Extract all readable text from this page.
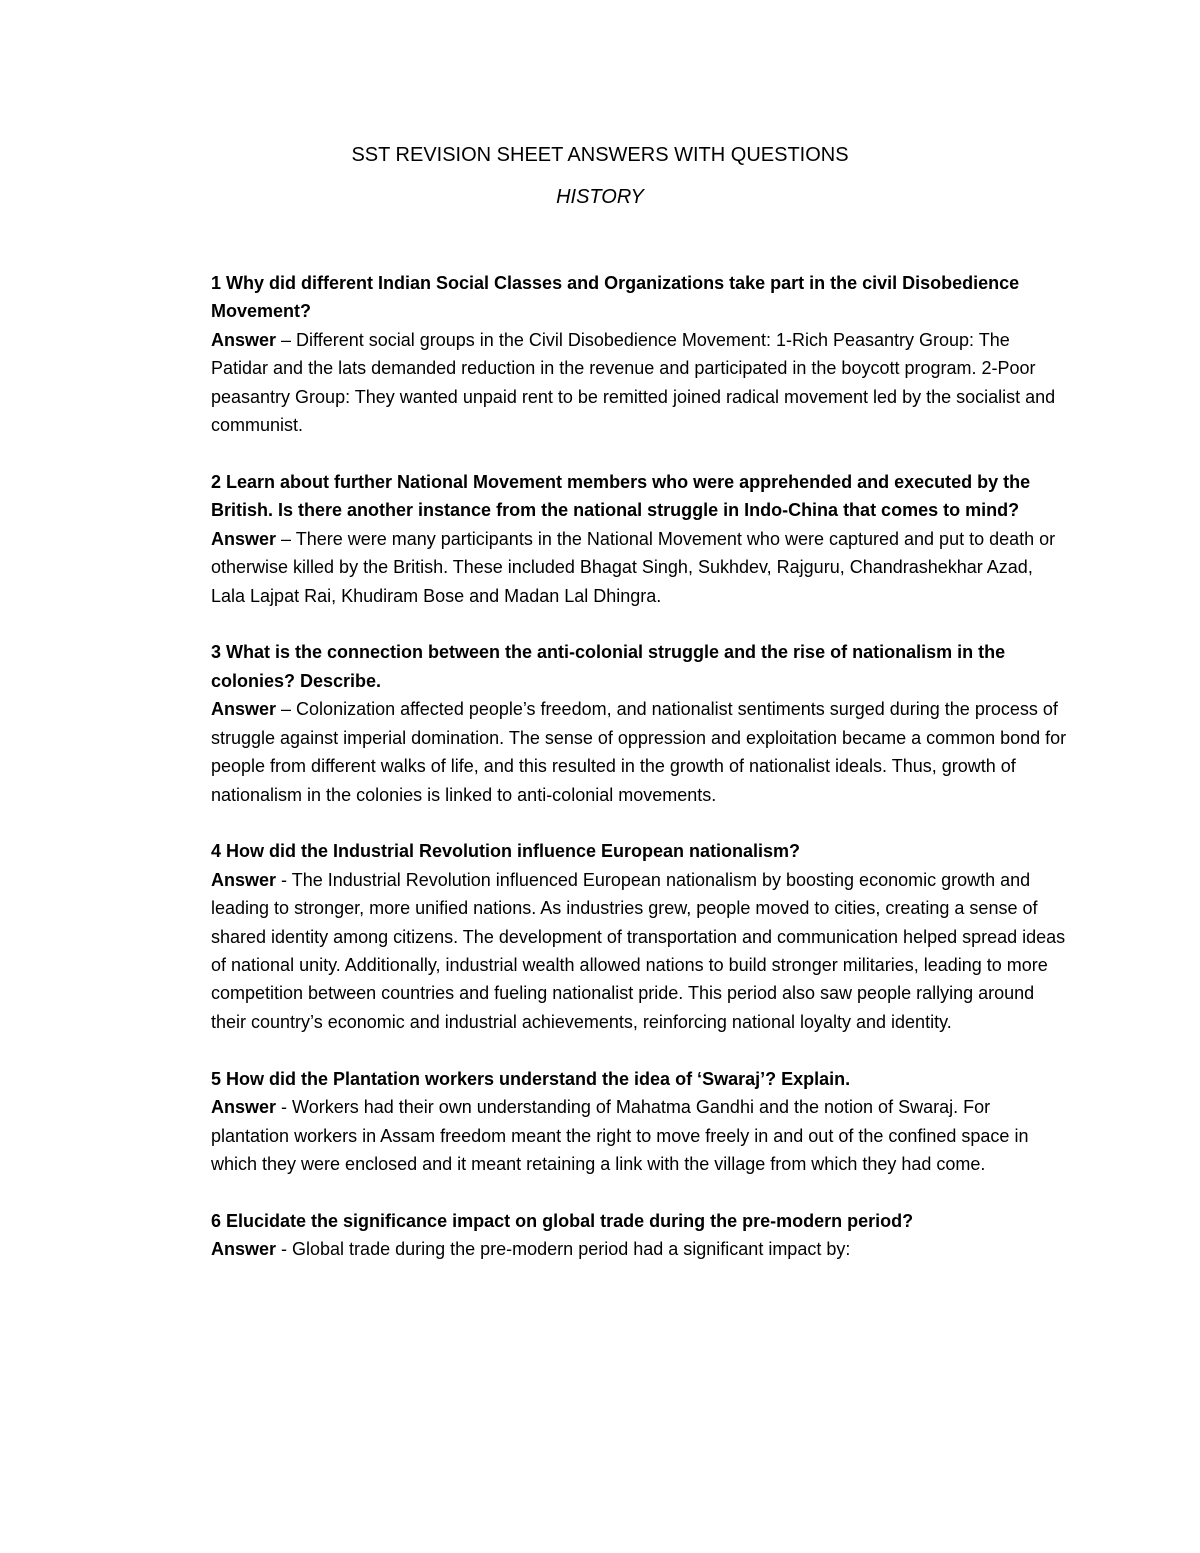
SST REVISION SHEET ANSWERS WITH QUESTIONS
HISTORY

1 Why did different Indian Social Classes and Organizations take part in the civil Disobedience Movement?

Answer – Different social groups in the Civil Disobedience Movement: 1-Rich Peasantry Group: The Patidar and the lats demanded reduction in the revenue and participated in the boycott program. 2-Poor peasantry Group: They wanted unpaid rent to be remitted joined radical movement led by the socialist and communist.

2 Learn about further National Movement members who were apprehended and executed by the British. Is there another instance from the national struggle in Indo-China that comes to mind?

Answer – There were many participants in the National Movement who were captured and put to death or otherwise killed by the British. These included Bhagat Singh, Sukhdev, Rajguru, Chandrashekhar Azad, Lala Lajpat Rai, Khudiram Bose and Madan Lal Dhingra.

3 What is the connection between the anti-colonial struggle and the rise of nationalism in the colonies? Describe.

Answer – Colonization affected people’s freedom, and nationalist sentiments surged during the process of struggle against imperial domination. The sense of oppression and exploitation became a common bond for people from different walks of life, and this resulted in the growth of nationalist ideals. Thus, growth of nationalism in the colonies is linked to anti-colonial movements.

4 How did the Industrial Revolution influence European nationalism?

Answer - The Industrial Revolution influenced European nationalism by boosting economic growth and leading to stronger, more unified nations. As industries grew, people moved to cities, creating a sense of shared identity among citizens. The development of transportation and communication helped spread ideas of national unity. Additionally, industrial wealth allowed nations to build stronger militaries, leading to more competition between countries and fueling nationalist pride. This period also saw people rallying around their country’s economic and industrial achievements, reinforcing national loyalty and identity.

5 How did the Plantation workers understand the idea of ‘Swaraj’? Explain.

Answer - Workers had their own understanding of Mahatma Gandhi and the notion of Swaraj. For plantation workers in Assam freedom meant the right to move freely in and out of the confined space in which they were enclosed and it meant retaining a link with the village from which they had come.

6 Elucidate the significance impact on global trade during the pre-modern period?

Answer - Global trade during the pre-modern period had a significant impact by:
